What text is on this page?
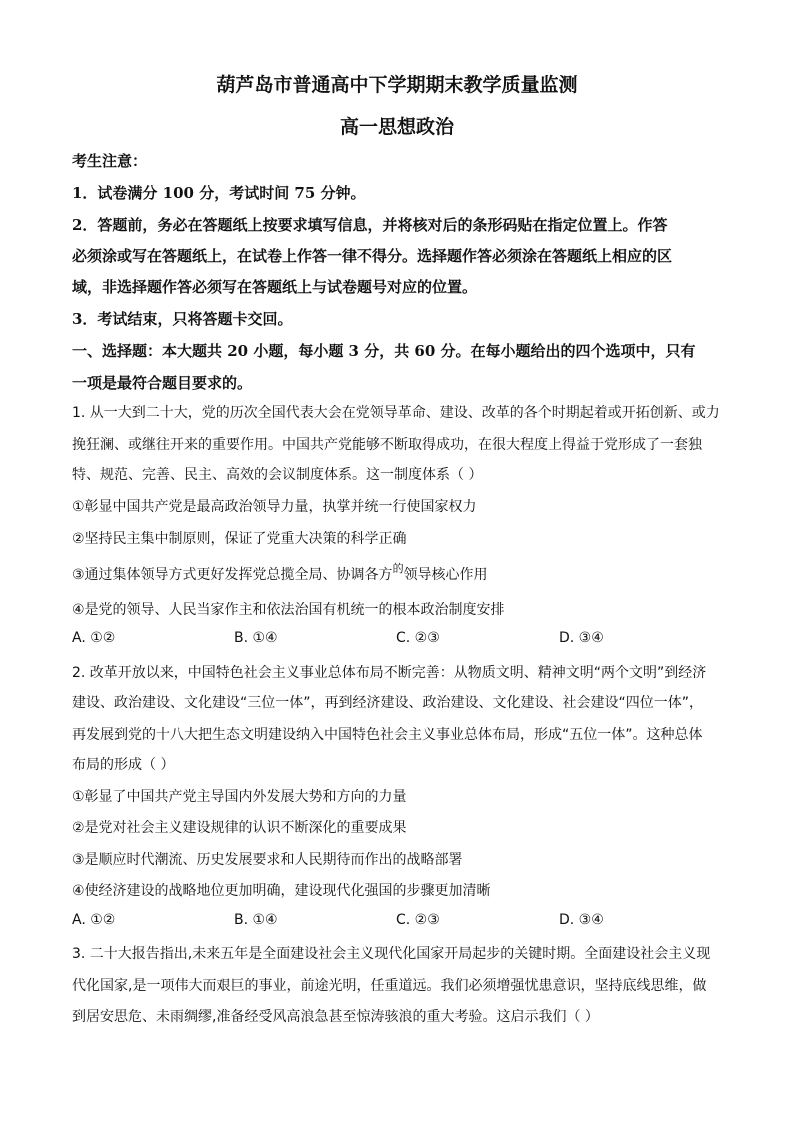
葫芦岛市普通高中下学期期末教学质量监测
高一思想政治
考生注意：
1．试卷满分 100 分，考试时间 75 分钟。
2．答题前，务必在答题纸上按要求填写信息，并将核对后的条形码贴在指定位置上。作答
必须涂或写在答题纸上，在试卷上作答一律不得分。选择题作答必须涂在答题纸上相应的区
域，非选择题作答必须写在答题纸上与试卷题号对应的位置。
3．考试结束，只将答题卡交回。
一、选择题：本大题共 20 小题，每小题 3 分，共 60 分。在每小题给出的四个选项中，只有
一项是最符合题目要求的。
1. 从一大到二十大，党的历次全国代表大会在党领导革命、建设、改革的各个时期起着或开拓创新、或力
挽狂澜、或继往开来的重要作用。中国共产党能够不断取得成功，在很大程度上得益于党形成了一套独
特、规范、完善、民主、高效的会议制度体系。这一制度体系（ ）
①彰显中国共产党是最高政治领导力量，执掌并统一行使国家权力
②坚持民主集中制原则，保证了党重大决策的科学正确
③通过集体领导方式更好发挥党总揽全局、协调各方$^的$领导核心作用
④是党的领导、人民当家作主和依法治国有机统一的根本政治制度安排
A. ①②	B. ①④	C. ②③	D. ③④
2. 改革开放以来，中国特色社会主义事业总体布局不断完善：从物质文明、精神文明“两个文明”到经济
建设、政治建设、文化建设“三位一体”，再到经济建设、政治建设、文化建设、社会建设“四位一体”，
再发展到党的十八大把生态文明建设纳入中国特色社会主义事业总体布局，形成“五位一体”。这种总体
布局的形成（ ）
①彰显了中国共产党主导国内外发展大势和方向的力量
②是党对社会主义建设规律的认识不断深化的重要成果
③是顺应时代潮流、历史发展要求和人民期待而作出的战略部署
④使经济建设的战略地位更加明确，建设现代化强国的步骤更加清晰
A. ①②	B. ①④	C. ②③	D. ③④
3. 二十大报告指出,未来五年是全面建设社会主义现代化国家开局起步的关键时期。全面建设社会主义现
代化国家,是一项伟大而艰巨的事业，前途光明，任重道远。我们必须增强忧患意识，坚持底线思维，做
到居安思危、未雨绸缪,准备经受风高浪急甚至惊涛骇浪的重大考验。这启示我们（ ）
